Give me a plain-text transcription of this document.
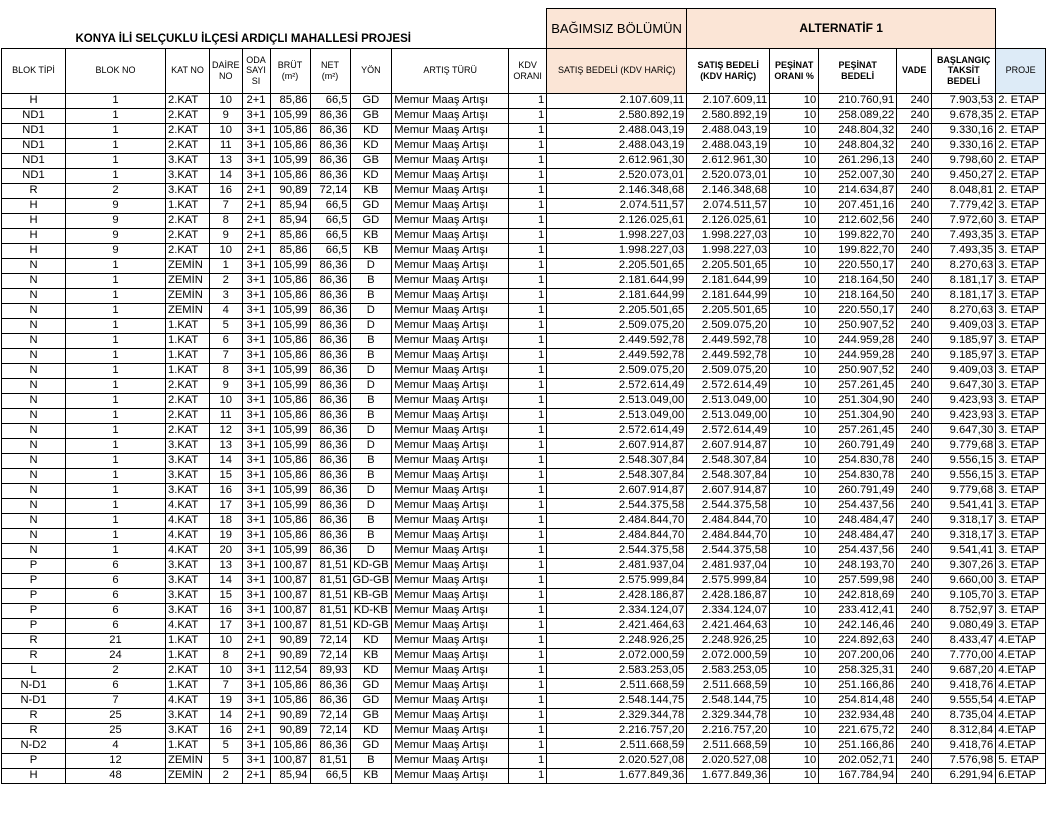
KONYA İLİ SELÇUKLU İLÇESİ ARDIÇLI MAHALLESİ PROJESİ										BAĞIMSIZ BÖLÜMÜN	ALTERNATİF 1					
BLOK TİPİ	BLOK NO	KAT NO	DAİRE NO	ODA SAYI SI	BRÜT (m²)	NET (m²)	YÖN	ARTIŞ TÜRÜ	KDV ORANI	SATIŞ BEDELİ (KDV HARİÇ)	SATIŞ BEDELİ (KDV HARİÇ)	PEŞİNAT ORANI %	PEŞİNAT BEDELİ	VADE	BAŞLANGIÇ TAKSİT BEDELİ	PROJE
H	1	2.KAT	10	2+1	85,86	66,5	GD	Memur Maaş Artışı	1	2.107.609,11	2.107.609,11	10	210.760,91	240	7.903,53	2. ETAP
ND1	1	2.KAT	9	3+1	105,99	86,36	GB	Memur Maaş Artışı	1	2.580.892,19	2.580.892,19	10	258.089,22	240	9.678,35	2. ETAP
ND1	1	2.KAT	10	3+1	105,86	86,36	KD	Memur Maaş Artışı	1	2.488.043,19	2.488.043,19	10	248.804,32	240	9.330,16	2. ETAP
ND1	1	2.KAT	11	3+1	105,86	86,36	KD	Memur Maaş Artışı	1	2.488.043,19	2.488.043,19	10	248.804,32	240	9.330,16	2. ETAP
ND1	1	3.KAT	13	3+1	105,99	86,36	GB	Memur Maaş Artışı	1	2.612.961,30	2.612.961,30	10	261.296,13	240	9.798,60	2. ETAP
ND1	1	3.KAT	14	3+1	105,86	86,36	KD	Memur Maaş Artışı	1	2.520.073,01	2.520.073,01	10	252.007,30	240	9.450,27	2. ETAP
R	2	3.KAT	16	2+1	90,89	72,14	KB	Memur Maaş Artışı	1	2.146.348,68	2.146.348,68	10	214.634,87	240	8.048,81	2. ETAP
H	9	1.KAT	7	2+1	85,94	66,5	GD	Memur Maaş Artışı	1	2.074.511,57	2.074.511,57	10	207.451,16	240	7.779,42	3. ETAP
H	9	2.KAT	8	2+1	85,94	66,5	GD	Memur Maaş Artışı	1	2.126.025,61	2.126.025,61	10	212.602,56	240	7.972,60	3. ETAP
H	9	2.KAT	9	2+1	85,86	66,5	KB	Memur Maaş Artışı	1	1.998.227,03	1.998.227,03	10	199.822,70	240	7.493,35	3. ETAP
H	9	2.KAT	10	2+1	85,86	66,5	KB	Memur Maaş Artışı	1	1.998.227,03	1.998.227,03	10	199.822,70	240	7.493,35	3. ETAP
N	1	ZEMİN	1	3+1	105,99	86,36	D	Memur Maaş Artışı	1	2.205.501,65	2.205.501,65	10	220.550,17	240	8.270,63	3. ETAP
N	1	ZEMİN	2	3+1	105,86	86,36	B	Memur Maaş Artışı	1	2.181.644,99	2.181.644,99	10	218.164,50	240	8.181,17	3. ETAP
N	1	ZEMİN	3	3+1	105,86	86,36	B	Memur Maaş Artışı	1	2.181.644,99	2.181.644,99	10	218.164,50	240	8.181,17	3. ETAP
N	1	ZEMİN	4	3+1	105,99	86,36	D	Memur Maaş Artışı	1	2.205.501,65	2.205.501,65	10	220.550,17	240	8.270,63	3. ETAP
N	1	1.KAT	5	3+1	105,99	86,36	D	Memur Maaş Artışı	1	2.509.075,20	2.509.075,20	10	250.907,52	240	9.409,03	3. ETAP
N	1	1.KAT	6	3+1	105,86	86,36	B	Memur Maaş Artışı	1	2.449.592,78	2.449.592,78	10	244.959,28	240	9.185,97	3. ETAP
N	1	1.KAT	7	3+1	105,86	86,36	B	Memur Maaş Artışı	1	2.449.592,78	2.449.592,78	10	244.959,28	240	9.185,97	3. ETAP
N	1	1.KAT	8	3+1	105,99	86,36	D	Memur Maaş Artışı	1	2.509.075,20	2.509.075,20	10	250.907,52	240	9.409,03	3. ETAP
N	1	2.KAT	9	3+1	105,99	86,36	D	Memur Maaş Artışı	1	2.572.614,49	2.572.614,49	10	257.261,45	240	9.647,30	3. ETAP
N	1	2.KAT	10	3+1	105,86	86,36	B	Memur Maaş Artışı	1	2.513.049,00	2.513.049,00	10	251.304,90	240	9.423,93	3. ETAP
N	1	2.KAT	11	3+1	105,86	86,36	B	Memur Maaş Artışı	1	2.513.049,00	2.513.049,00	10	251.304,90	240	9.423,93	3. ETAP
N	1	2.KAT	12	3+1	105,99	86,36	D	Memur Maaş Artışı	1	2.572.614,49	2.572.614,49	10	257.261,45	240	9.647,30	3. ETAP
N	1	3.KAT	13	3+1	105,99	86,36	D	Memur Maaş Artışı	1	2.607.914,87	2.607.914,87	10	260.791,49	240	9.779,68	3. ETAP
N	1	3.KAT	14	3+1	105,86	86,36	B	Memur Maaş Artışı	1	2.548.307,84	2.548.307,84	10	254.830,78	240	9.556,15	3. ETAP
N	1	3.KAT	15	3+1	105,86	86,36	B	Memur Maaş Artışı	1	2.548.307,84	2.548.307,84	10	254.830,78	240	9.556,15	3. ETAP
N	1	3.KAT	16	3+1	105,99	86,36	D	Memur Maaş Artışı	1	2.607.914,87	2.607.914,87	10	260.791,49	240	9.779,68	3. ETAP
N	1	4.KAT	17	3+1	105,99	86,36	D	Memur Maaş Artışı	1	2.544.375,58	2.544.375,58	10	254.437,56	240	9.541,41	3. ETAP
N	1	4.KAT	18	3+1	105,86	86,36	B	Memur Maaş Artışı	1	2.484.844,70	2.484.844,70	10	248.484,47	240	9.318,17	3. ETAP
N	1	4.KAT	19	3+1	105,86	86,36	B	Memur Maaş Artışı	1	2.484.844,70	2.484.844,70	10	248.484,47	240	9.318,17	3. ETAP
N	1	4.KAT	20	3+1	105,99	86,36	D	Memur Maaş Artışı	1	2.544.375,58	2.544.375,58	10	254.437,56	240	9.541,41	3. ETAP
P	6	3.KAT	13	3+1	100,87	81,51	KD-GB	Memur Maaş Artışı	1	2.481.937,04	2.481.937,04	10	248.193,70	240	9.307,26	3. ETAP
P	6	3.KAT	14	3+1	100,87	81,51	GD-GB	Memur Maaş Artışı	1	2.575.999,84	2.575.999,84	10	257.599,98	240	9.660,00	3. ETAP
P	6	3.KAT	15	3+1	100,87	81,51	KB-GB	Memur Maaş Artışı	1	2.428.186,87	2.428.186,87	10	242.818,69	240	9.105,70	3. ETAP
P	6	3.KAT	16	3+1	100,87	81,51	KD-KB	Memur Maaş Artışı	1	2.334.124,07	2.334.124,07	10	233.412,41	240	8.752,97	3. ETAP
P	6	4.KAT	17	3+1	100,87	81,51	KD-GB	Memur Maaş Artışı	1	2.421.464,63	2.421.464,63	10	242.146,46	240	9.080,49	3. ETAP
R	21	1.KAT	10	2+1	90,89	72,14	KD	Memur Maaş Artışı	1	2.248.926,25	2.248.926,25	10	224.892,63	240	8.433,47	4.ETAP
R	24	1.KAT	8	2+1	90,89	72,14	KB	Memur Maaş Artışı	1	2.072.000,59	2.072.000,59	10	207.200,06	240	7.770,00	4.ETAP
L	2	2.KAT	10	3+1	112,54	89,93	KD	Memur Maaş Artışı	1	2.583.253,05	2.583.253,05	10	258.325,31	240	9.687,20	4.ETAP
N-D1	6	1.KAT	7	3+1	105,86	86,36	GD	Memur Maaş Artışı	1	2.511.668,59	2.511.668,59	10	251.166,86	240	9.418,76	4.ETAP
N-D1	7	4.KAT	19	3+1	105,86	86,36	GD	Memur Maaş Artışı	1	2.548.144,75	2.548.144,75	10	254.814,48	240	9.555,54	4.ETAP
R	25	3.KAT	14	2+1	90,89	72,14	GB	Memur Maaş Artışı	1	2.329.344,78	2.329.344,78	10	232.934,48	240	8.735,04	4.ETAP
R	25	3.KAT	16	2+1	90,89	72,14	KD	Memur Maaş Artışı	1	2.216.757,20	2.216.757,20	10	221.675,72	240	8.312,84	4.ETAP
N-D2	4	1.KAT	5	3+1	105,86	86,36	GD	Memur Maaş Artışı	1	2.511.668,59	2.511.668,59	10	251.166,86	240	9.418,76	4.ETAP
P	12	ZEMİN	5	3+1	100,87	81,51	B	Memur Maaş Artışı	1	2.020.527,08	2.020.527,08	10	202.052,71	240	7.576,98	5. ETAP
H	48	ZEMİN	2	2+1	85,94	66,5	KB	Memur Maaş Artışı	1	1.677.849,36	1.677.849,36	10	167.784,94	240	6.291,94	6.ETAP
